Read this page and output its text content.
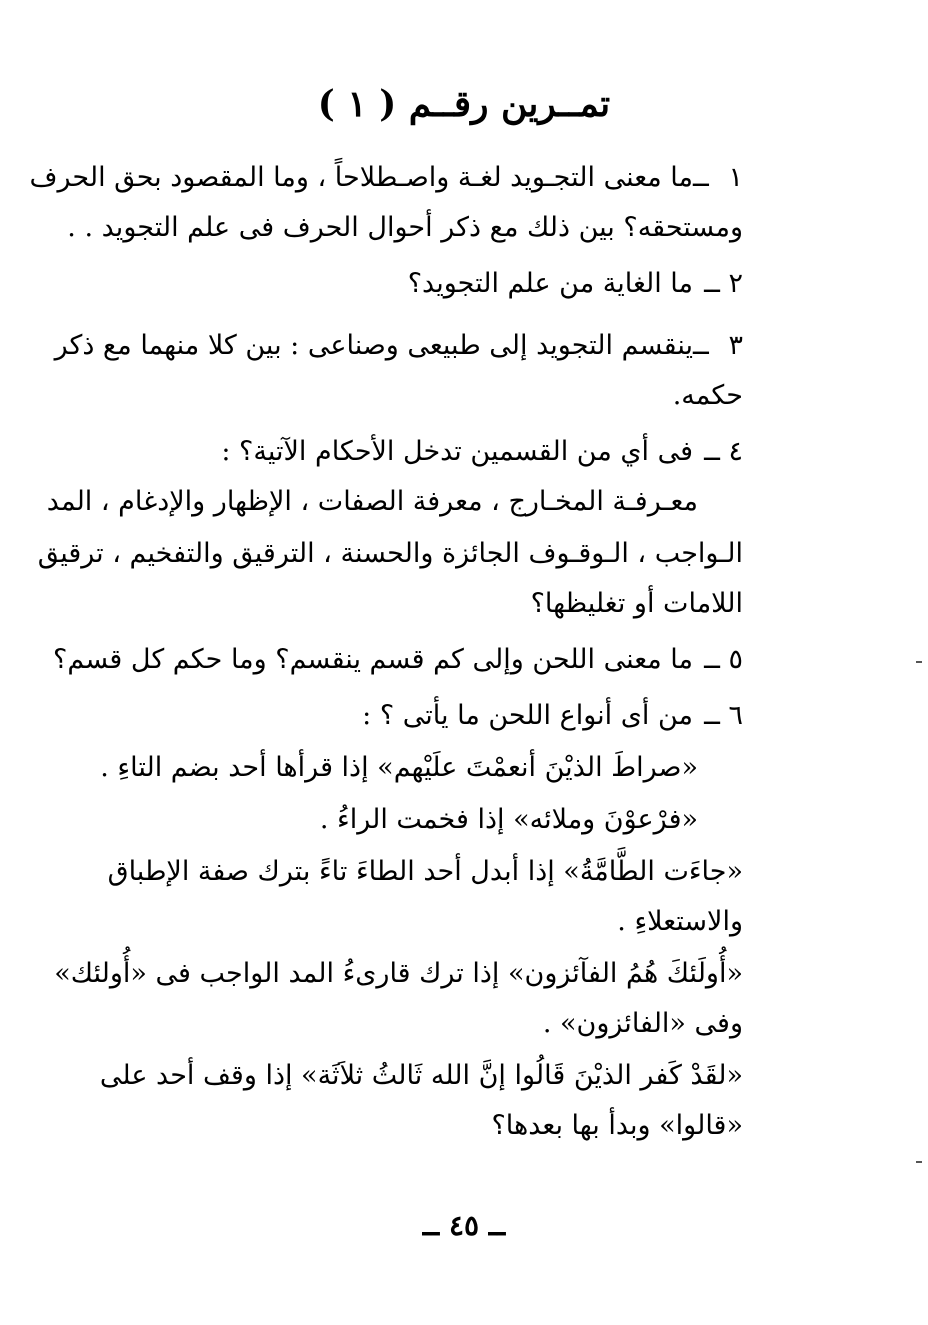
تمــرين رقــم ( ١ )
١ ــما معنى التجـويد لغـة واصـطلاحاً ، وما المقصود بحق الحرف
ومستحقه؟ بين ذلك مع ذكر أحوال الحرف فى علم التجويد . .
٢ ــما الغاية من علم التجويد؟
٣ ــينقسم التجويد إلى طبيعى وصناعى : بين كلا منهما مع ذكر
حكمه.
٤ ــفى أي من القسمين تدخل الأحكام الآتية؟ :
معـرفـة المخـارج ، معرفة الصفات ، الإظهار والإدغام ، المد
الـواجب ، الـوقـوف الجائزة والحسنة ، الترقيق والتفخيم ، ترقيق
اللامات أو تغليظها؟
٥ ــما معنى اللحن وإلى كم قسم ينقسم؟ وما حكم كل قسم؟
٦ ــمن أى أنواع اللحن ما يأتى ؟ :
«صراطَ الذيْنَ أنعمْتَ علَيْهم» إذا قرأها أحد بضم التاءِ .
«فرْعوْنَ وملائه» إذا فخمت الراءُ .
«جاءَت الطَّامَّةُ» إذا أبدل أحد الطاءَ تاءً بترك صفة الإطباق
والاستعلاءِ .
«أُولَئكَ هُمُ الفآئزون» إذا ترك قارىءُ المد الواجب فى «أُولئك»
وفى «الفائزون» .
«لقَدْ كَفر الذيْنَ قَالُوا إنَّ الله ثَالثُ ثلاَثَة» إذا وقف أحد على
«قالوا» وبدأ بها بعدها؟
ــ ٤٥ ــ
